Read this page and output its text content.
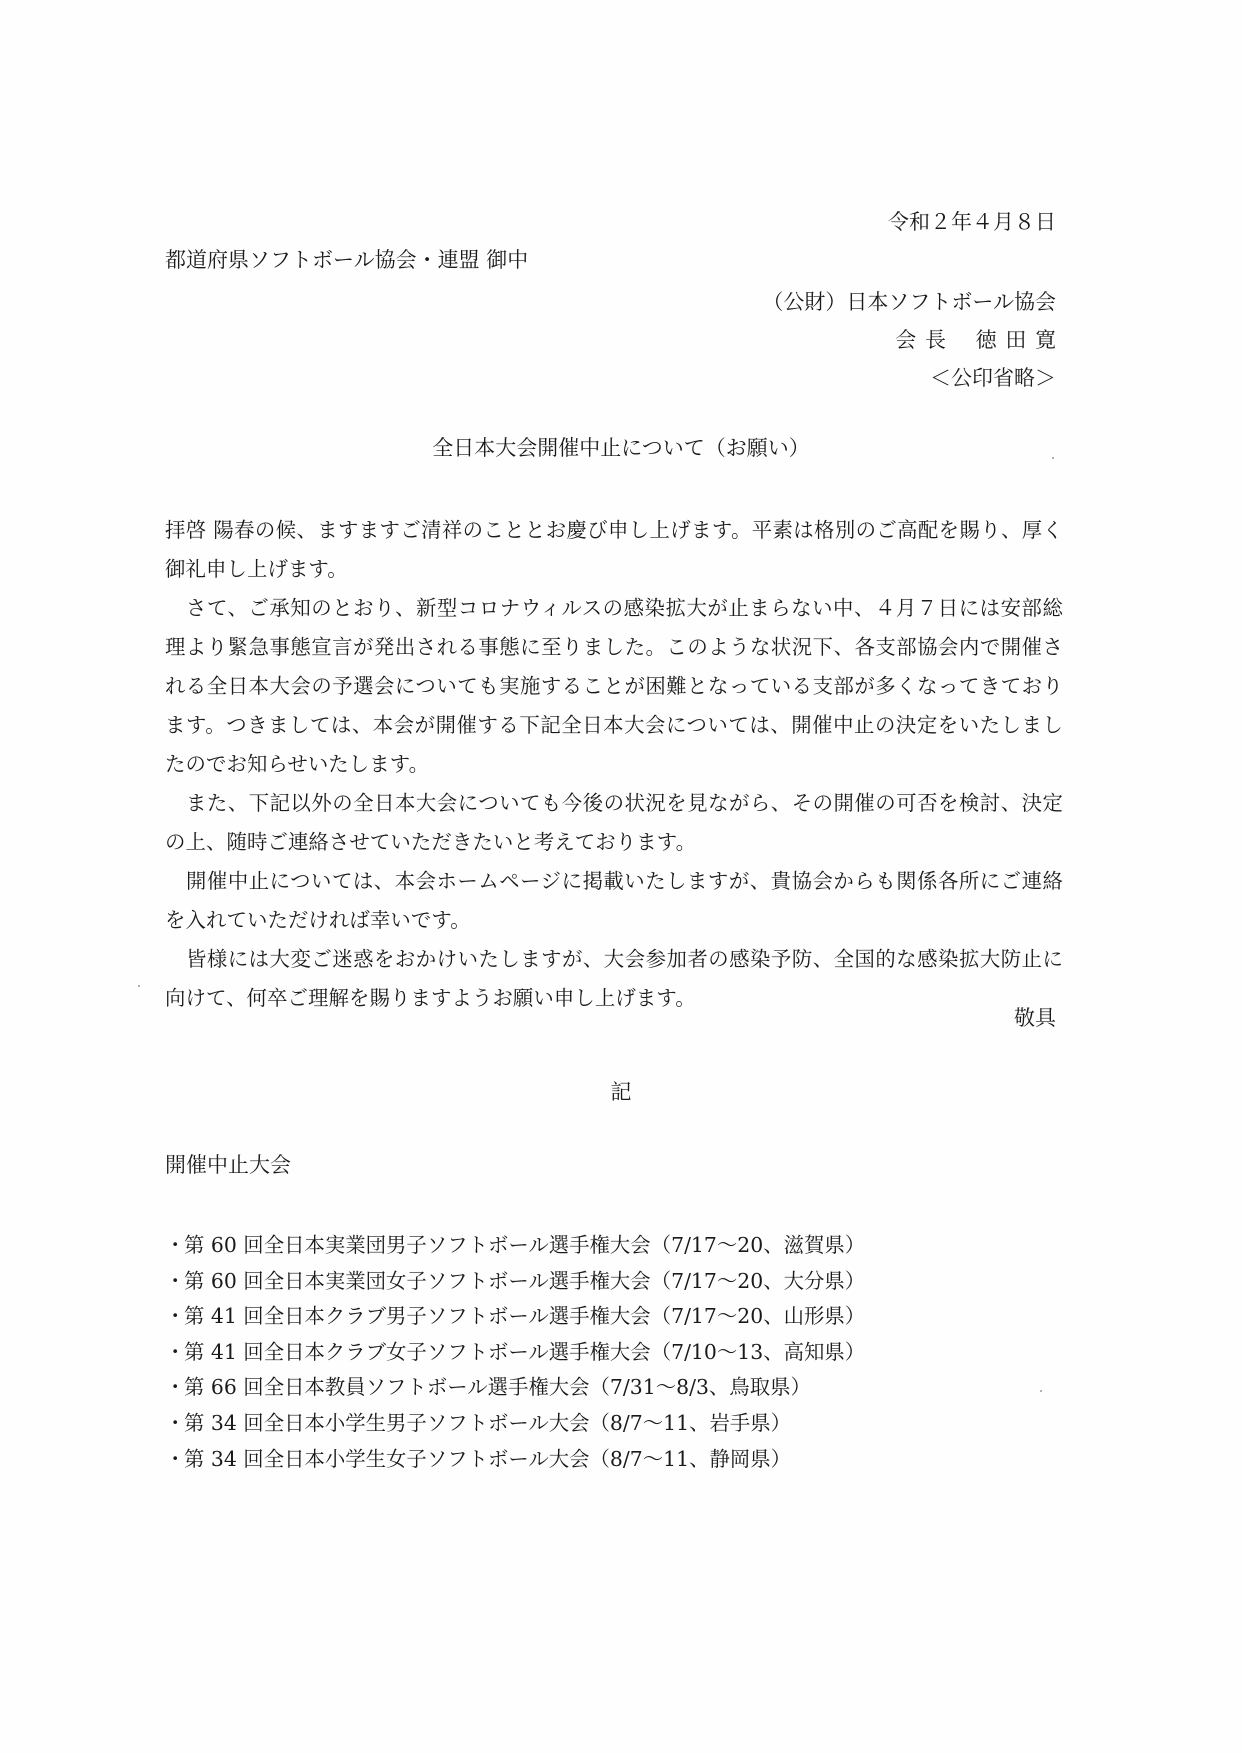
令和２年４月８日
都道府県ソフトボール協会・連盟 御中
（公財）日本ソフトボール協会
会 長　 徳 田 寛
＜公印省略＞
全日本大会開催中止について（お願い）

拝啓 陽春の候、ますますご清祥のこととお慶び申し上げます。平素は格別のご高配を賜り、厚く御礼申し上げます。

さて、ご承知のとおり、新型コロナウィルスの感染拡大が止まらない中、４月７日には安部総理より緊急事態宣言が発出される事態に至りました。このような状況下、各支部協会内で開催される全日本大会の予選会についても実施することが困難となっている支部が多くなってきております。つきましては、本会が開催する下記全日本大会については、開催中止の決定をいたしましたのでお知らせいたします。

また、下記以外の全日本大会についても今後の状況を見ながら、その開催の可否を検討、決定の上、随時ご連絡させていただきたいと考えております。

開催中止については、本会ホームページに掲載いたしますが、貴協会からも関係各所にご連絡を入れていただければ幸いです。

皆様には大変ご迷惑をおかけいたしますが、大会参加者の感染予防、全国的な感染拡大防止に向けて、何卒ご理解を賜りますようお願い申し上げます。

敬具
記
開催中止大会
・第 60 回全日本実業団男子ソフトボール選手権大会（7/17〜20、滋賀県）
・第 60 回全日本実業団女子ソフトボール選手権大会（7/17〜20、大分県）
・第 41 回全日本クラブ男子ソフトボール選手権大会（7/17〜20、山形県）
・第 41 回全日本クラブ女子ソフトボール選手権大会（7/10〜13、高知県）
・第 66 回全日本教員ソフトボール選手権大会（7/31〜8/3、鳥取県）
・第 34 回全日本小学生男子ソフトボール大会（8/7〜11、岩手県）
・第 34 回全日本小学生女子ソフトボール大会（8/7〜11、静岡県）
